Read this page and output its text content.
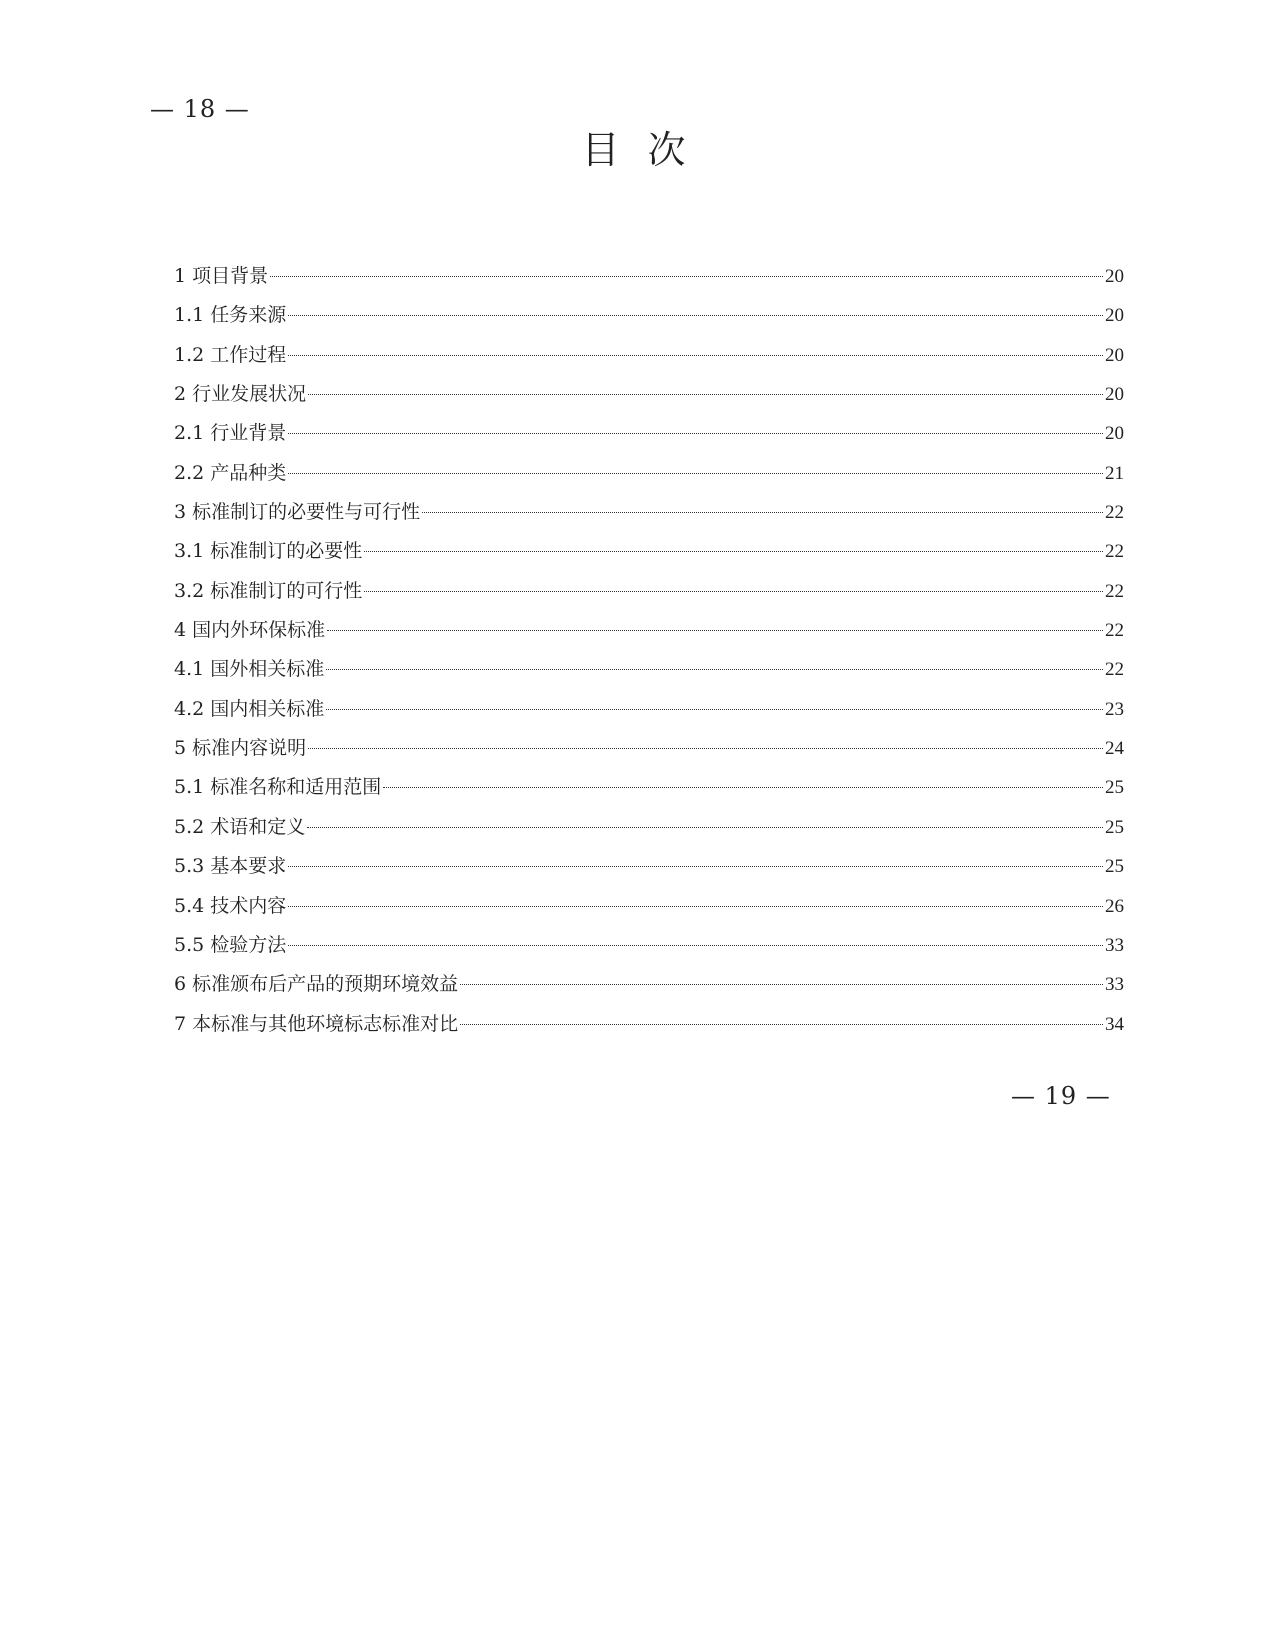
— 18 —
目 次
1 项目背景	20
1.1 任务来源	20
1.2 工作过程	20
2 行业发展状况	20
2.1 行业背景	20
2.2 产品种类	21
3 标准制订的必要性与可行性	22
3.1 标准制订的必要性	22
3.2 标准制订的可行性	22
4 国内外环保标准	22
4.1 国外相关标准	22
4.2 国内相关标准	23
5 标准内容说明	24
5.1 标准名称和适用范围	25
5.2 术语和定义	25
5.3 基本要求	25
5.4 技术内容	26
5.5 检验方法	33
6 标准颁布后产品的预期环境效益	33
7 本标准与其他环境标志标准对比	34
— 19 —
